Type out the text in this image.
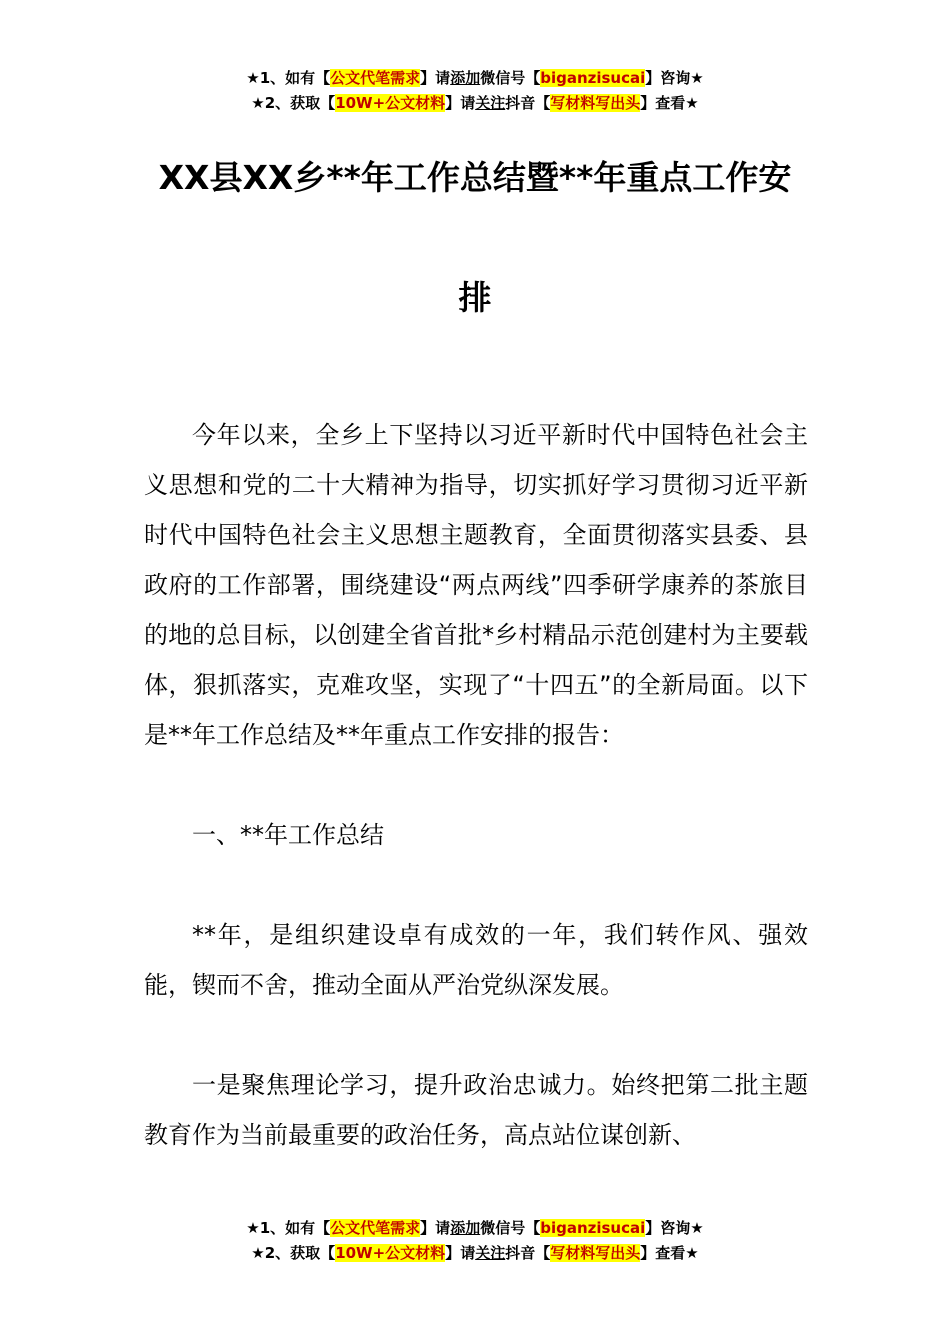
★1、如有【公文代笔需求】请添加微信号【biganzisucai】咨询★
★2、获取【10W+公文材料】请关注抖音【写材料写出头】查看★
XX县XX乡**年工作总结暨**年重点工作安
排

今年以来，全乡上下坚持以习近平新时代中国特色社会主义思想和党的二十大精神为指导，切实抓好学习贯彻习近平新时代中国特色社会主义思想主题教育，全面贯彻落实县委、县政府的工作部署，围绕建设“两点两线”四季研学康养的茶旅目的地的总目标，以创建全省首批*乡村精品示范创建村为主要载体，狠抓落实，克难攻坚，实现了“十四五”的全新局面。以下是**年工作总结及**年重点工作安排的报告：

一、**年工作总结

**年，是组织建设卓有成效的一年，我们转作风、强效能，锲而不舍，推动全面从严治党纵深发展。

一是聚焦理论学习，提升政治忠诚力。始终把第二批主题教育作为当前最重要的政治任务，高点站位谋创新、

★1、如有【公文代笔需求】请添加微信号【biganzisucai】咨询★
★2、获取【10W+公文材料】请关注抖音【写材料写出头】查看★
